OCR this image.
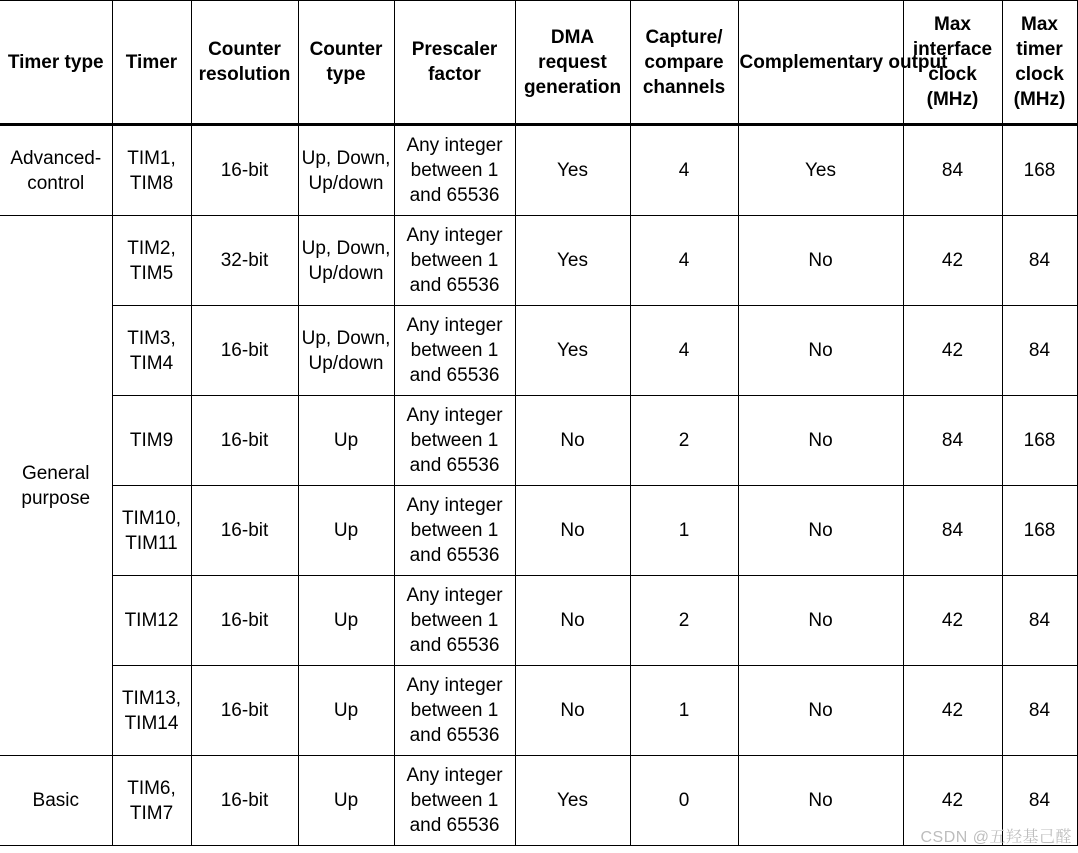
Timer type	Timer	Counter resolution	Counter type	Prescaler factor	DMA request generation	Capture/ compare channels	Complementary output	Max interface clock (MHz)	Max timer clock (MHz)
Advanced-control	TIM1, TIM8	16-bit	Up, Down, Up/down	Any integer between 1 and 65536	Yes	4	Yes	84	168
General purpose	TIM2, TIM5	32-bit	Up, Down, Up/down	Any integer between 1 and 65536	Yes	4	No	42	84
	TIM3, TIM4	16-bit	Up, Down, Up/down	Any integer between 1 and 65536	Yes	4	No	42	84
	TIM9	16-bit	Up	Any integer between 1 and 65536	No	2	No	84	168
	TIM10, TIM11	16-bit	Up	Any integer between 1 and 65536	No	1	No	84	168
	TIM12	16-bit	Up	Any integer between 1 and 65536	No	2	No	42	84
	TIM13, TIM14	16-bit	Up	Any integer between 1 and 65536	No	1	No	42	84
Basic	TIM6, TIM7	16-bit	Up	Any integer between 1 and 65536	Yes	0	No	42	84
CSDN @五羟基己醛
